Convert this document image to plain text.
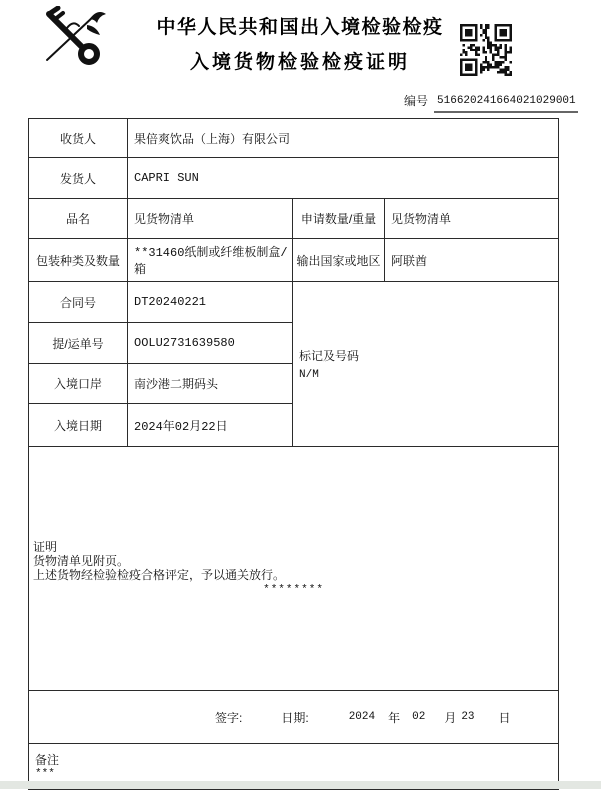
中华人民共和国出入境检验检疫
入境货物检验检疫证明
编号 516620241664021029001
收货人	果倍爽饮品（上海）有限公司		
发货人	CAPRI SUN		
品名	见货物清单	申请数量/重量	见货物清单
包装种类及数量	**31460纸制或纤维板制盒/箱	输出国家或地区	阿联酋
合同号	DT20240221	标记及号码
N/M	

提/运单号	OOLU2731639580		
入境口岸	南沙港二期码头		
入境日期	2024年02月22日		

证明
货物清单见附页。
上述货物经检验检疫合格评定，予以通关放行。
********			

签字:	日期:	2024 年 02 月 23 日

备注
***			
